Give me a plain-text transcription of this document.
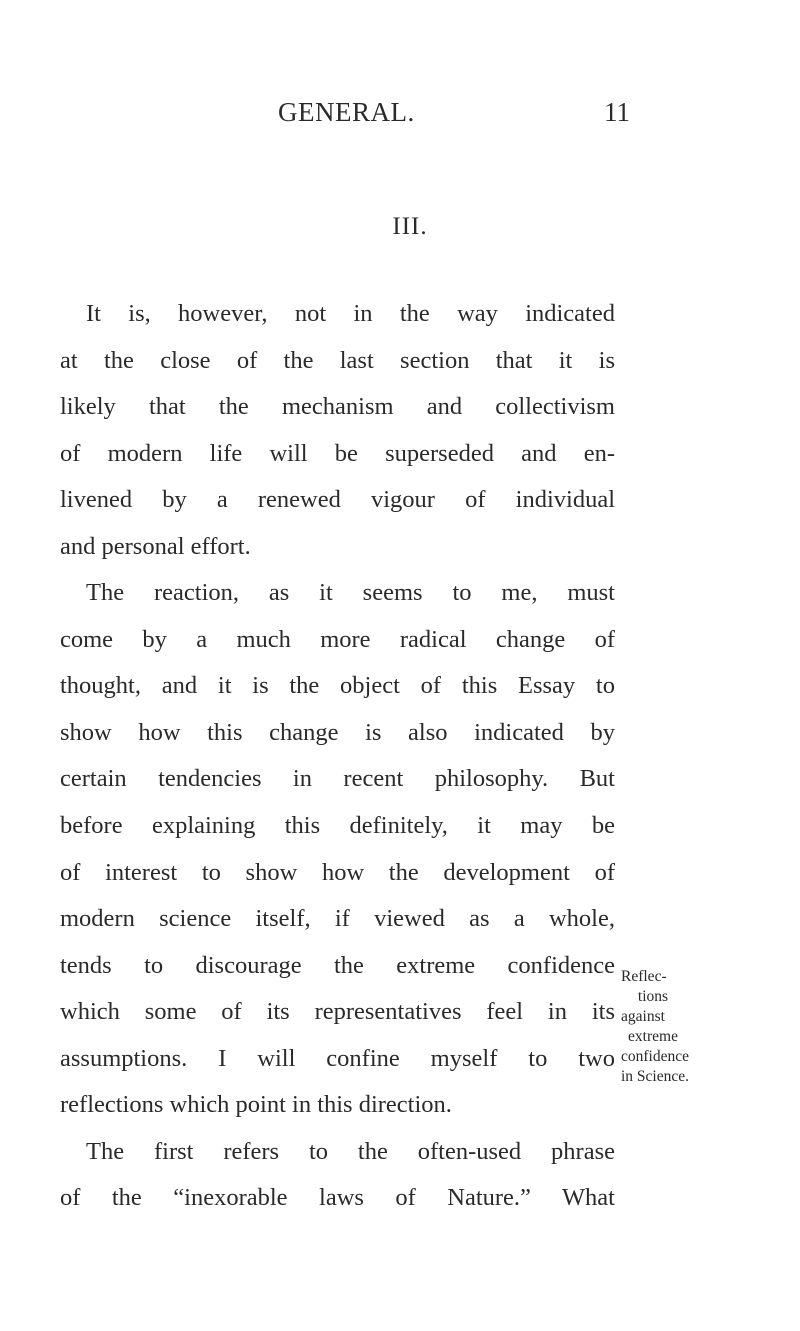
GENERAL.	11
III.
It is, however, not in the way indicated
at the close of the last section that it is
likely that the mechanism and collectivism
of modern life will be superseded and en-
livened by a renewed vigour of individual
and personal effort.
The reaction, as it seems to me, must
come by a much more radical change of
thought, and it is the object of this Essay to
show how this change is also indicated by
certain tendencies in recent philosophy. But
before explaining this definitely, it may be
of interest to show how the development of
modern science itself, if viewed as a whole,
tends to discourage the extreme confidence
which some of its representatives feel in its
assumptions. I will confine myself to two
reflections which point in this direction.
The first refers to the often-used phrase
of the “inexorable laws of Nature.” What
Reflec-
tions
against
extreme
confidence
in Science.
